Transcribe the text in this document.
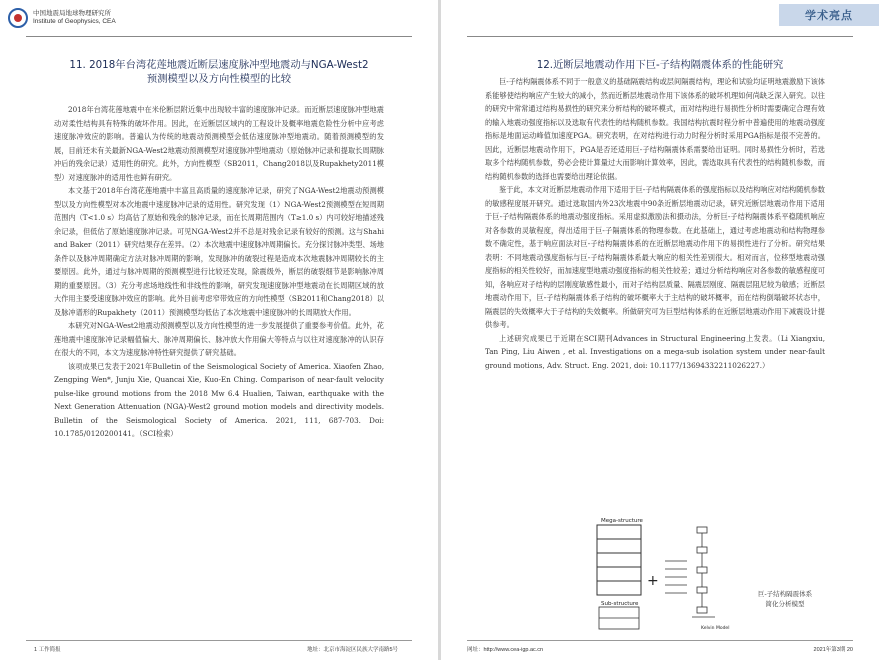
中国地震局地球物理研究所
Institute of Geophysics, CEA
11. 2018年台湾花莲地震近断层速度脉冲型地震动与NGA-West2
预测模型以及方向性模型的比较

2018年台湾花莲地震中在米伦断层附近集中出现较丰富的速度脉冲记录。而近断层速度脉冲型地震动对柔性结构具有特殊的破坏作用。因此，在近断层区域内的工程设计及概率地震危险性分析中应考虑速度脉冲效应的影响。普遍认为传统的地震动预测模型会低估速度脉冲型地震动。随着预测模型的发展，目前还未有关最新NGA-West2地震动预测模型对速度脉冲型地震动（原始脉冲记录和提取长周期脉冲后的残余记录）适用性的研究。此外，方向性模型（SB2011，Chang2018以及Rupakhety2011模型）对速度脉冲的适用性也鲜有研究。

本文基于2018年台湾花莲地震中丰富且高质量的速度脉冲记录，研究了NGA-West2地震动预测模型以及方向性模型对本次地震中速度脉冲记录的适用性。研究发现（1）NGA-West2预测模型在短周期范围内（T<1.0 s）均高估了原始和残余的脉冲记录，而在长周期范围内（T≥1.0 s）内可较好地描述残余记录，但低估了原始速度脉冲记录。可见NGA-West2并不总是对残余记录有较好的预测。这与Shahi and Baker（2011）研究结果存在差异。（2）本次地震中速度脉冲周期偏长。充分探讨脉冲类型、场地条件以及脉冲周期确定方法对脉冲周期的影响，发现脉冲的破裂过程是造成本次地震脉冲周期较长的主要原因。此外，通过与脉冲周期的预测模型进行比较还发现，除震级外，断层的破裂细节是影响脉冲周期的重要原因。（3）充分考虑场地线性和非线性的影响，研究发现速度脉冲型地震动在长周期区域的放大作用主要受速度脉冲效应的影响。此外目前考虑窄带效应的方向性模型（SB2011和Chang2018）以及脉冲谱形的Rupakhety（2011）预测模型均低估了本次地震中速度脉冲的长周期放大作用。

本研究对NGA-West2地震动预测模型以及方向性模型的进一步发展提供了重要参考价值。此外，花莲地震中速度脉冲记录幅值偏大、脉冲周期偏长、脉冲放大作用偏大等特点与以往对速度脉冲的认识存在很大的不同，本文为速度脉冲特性研究提供了研究基础。

该项成果已发表于2021年Bulletin of the Seismological Society of America. Xiaofen Zhao, Zengping Wen*, Junju Xie, Quancai Xie, Kuo-En Ching. Comparison of near-fault velocity pulse-like ground motions from the 2018 Mw 6.4 Hualien, Taiwan, earthquake with the Next Generation Attenuation (NGA)-West2 ground motion models and directivity models. Bulletin of the Seismological Society of America. 2021, 111, 687-703. Doi: 10.1785/0120200141。（SCI检索）

1 工作简报	地址：北京市海淀区民族大学南路5号
学术亮点
12.近断层地震动作用下巨-子结构隔震体系的性能研究

巨-子结构隔震体系不同于一般意义的基础隔震结构或层间隔震结构，理论和试验均证明地震激励下该体系能够使结构响应产生较大的减小，然而近断层地震动作用下该体系的破坏机理如何尚缺乏深入研究。以往的研究中常常通过结构易损性的研究来分析结构的破坏模式，而对结构进行易损性分析时需要确定合理有效的输入地震动强度指标以及选取有代表性的结构随机参数。我国结构抗震时程分析中普遍使用的地震动强度指标是地面运动峰值加速度PGA。研究表明，在对结构进行动力时程分析时采用PGA指标是很不完善的。因此，近断层地震动作用下，PGA是否还适用巨-子结构隔震体系需要给出证明。同时易损性分析时，若选取多个结构随机参数，势必会使计算量过大而影响计算效率，因此，需选取具有代表性的结构随机参数，而结构随机参数的选择也需要给出理论依据。

鉴于此，本文对近断层地震动作用下适用于巨-子结构隔震体系的强度指标以及结构响应对结构随机参数的敏感程度展开研究。通过选取国内外23次地震中90条近断层地震动记录，研究近断层地震动作用下适用于巨-子结构隔震体系的地震动强度指标。采用虚拟激励法和摄动法，分析巨-子结构隔震体系平稳随机响应对各参数的灵敏程度，得出适用于巨-子隔震体系的物理参数。在此基础上，通过考虑地震动和结构物理参数不确定性，基于响应面法对巨-子结构隔震体系的在近断层地震动作用下的易损性进行了分析。研究结果表明：不同地震动强度指标与巨-子结构隔震体系最大响应的相关性差别很大。相对而言，位移型地震动强度指标的相关性较好，而加速度型地震动强度指标的相关性较差；通过分析结构响应对各参数的敏感程度可知，各响应对子结构的层刚度敏感性最小，而对子结构层质量、隔震层刚度、隔震层阻尼较为敏感；近断层地震动作用下，巨-子结构隔震体系子结构的破坏概率大于主结构的破坏概率，而在结构倒塌破坏状态中，隔震层的失效概率大于子结构的失效概率。所做研究可为巨型结构体系的在近断层地震动作用下减震设计提供参考。

上述研究成果已于近期在SCI期刊Advances in Structural Engineering上发表。（Li Xiangxiu, Tan Ping, Liu Aiwen , et al. Investigations on a mega-sub isolation system under near-fault ground motions, Adv. Struct. Eng. 2021, doi: 10.1177/13694332211026227.）

Mega-structure
Sub-structure
Kelvin Model
+
巨-子结构隔震体系
简化分析模型
网址：http://www.cea-igp.ac.cn	2021年第3期 20
